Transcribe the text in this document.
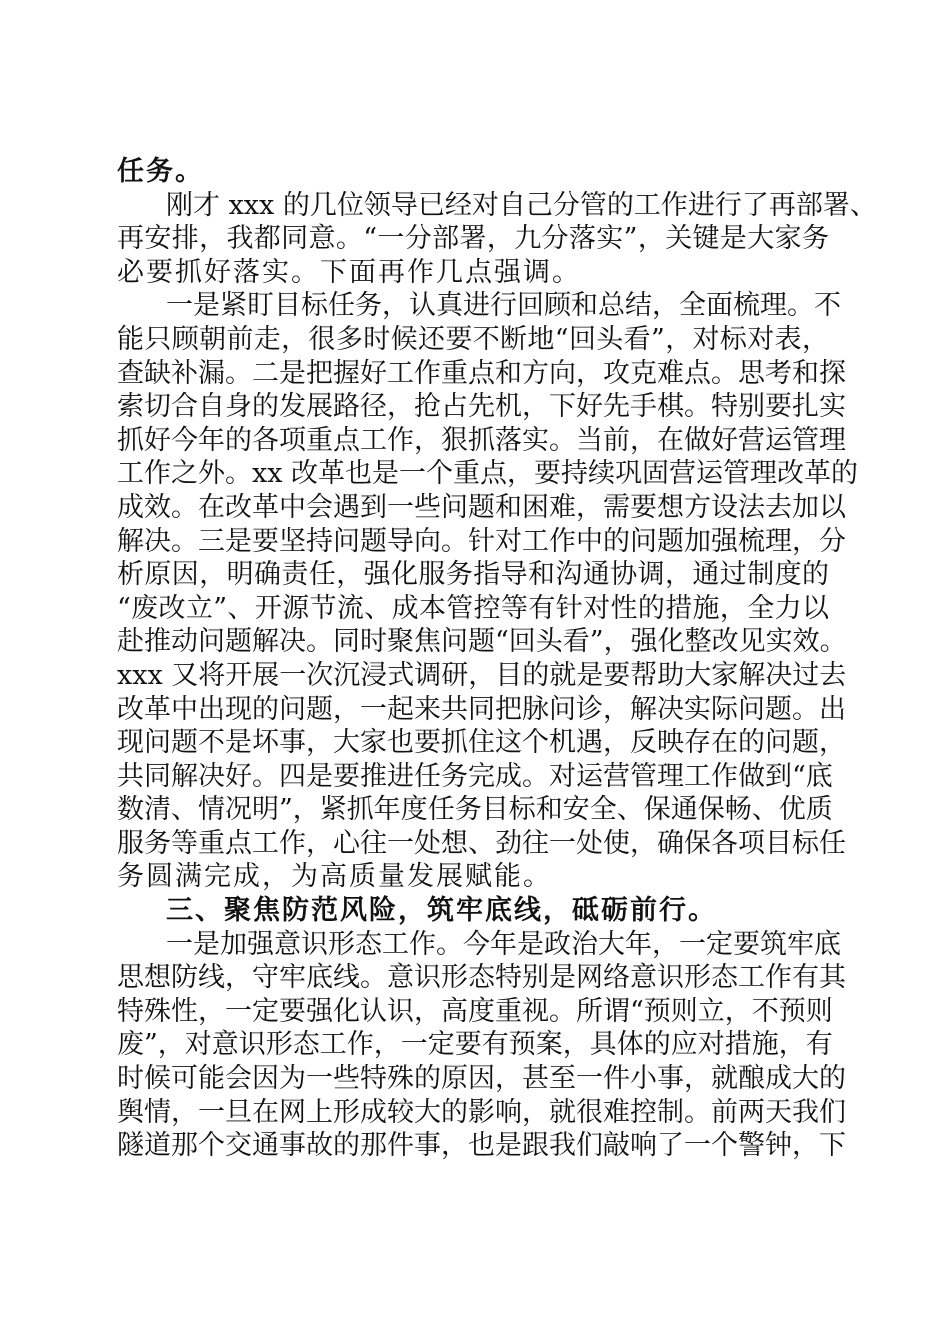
任务。
刚才 xxx 的几位领导已经对自己分管的工作进行了再部署、
再安排，我都同意。“一分部署，九分落实”，关键是大家务
必要抓好落实。下面再作几点强调。
一是紧盯目标任务，认真进行回顾和总结，全面梳理。不
能只顾朝前走，很多时候还要不断地“回头看”，对标对表，
查缺补漏。二是把握好工作重点和方向，攻克难点。思考和探
索切合自身的发展路径，抢占先机，下好先手棋。特别要扎实
抓好今年的各项重点工作，狠抓落实。当前，在做好营运管理
工作之外。xx 改革也是一个重点，要持续巩固营运管理改革的
成效。在改革中会遇到一些问题和困难，需要想方设法去加以
解决。三是要坚持问题导向。针对工作中的问题加强梳理，分
析原因，明确责任，强化服务指导和沟通协调，通过制度的
“废改立”、开源节流、成本管控等有针对性的措施，全力以
赴推动问题解决。同时聚焦问题“回头看”，强化整改见实效。
xxx 又将开展一次沉浸式调研，目的就是要帮助大家解决过去
改革中出现的问题，一起来共同把脉问诊，解决实际问题。出
现问题不是坏事，大家也要抓住这个机遇，反映存在的问题，
共同解决好。四是要推进任务完成。对运营管理工作做到“底
数清、情况明”，紧抓年度任务目标和安全、保通保畅、优质
服务等重点工作，心往一处想、劲往一处使，确保各项目标任
务圆满完成，为高质量发展赋能。
三、聚焦防范风险，筑牢底线，砥砺前行。
一是加强意识形态工作。今年是政治大年，一定要筑牢底
思想防线，守牢底线。意识形态特别是网络意识形态工作有其
特殊性，一定要强化认识，高度重视。所谓“预则立，不预则
废”，对意识形态工作，一定要有预案，具体的应对措施，有
时候可能会因为一些特殊的原因，甚至一件小事，就酿成大的
舆情，一旦在网上形成较大的影响，就很难控制。前两天我们
隧道那个交通事故的那件事，也是跟我们敲响了一个警钟，下
